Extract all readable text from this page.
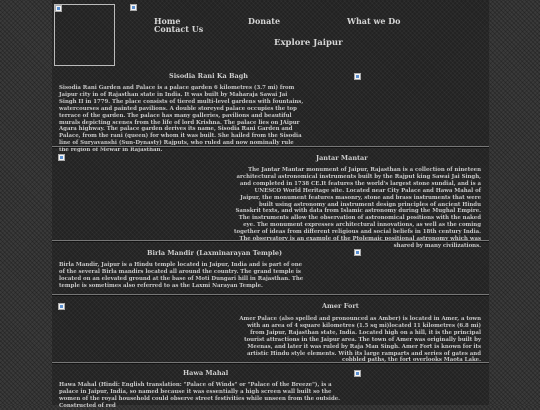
Home	Donate	What we Do
Contact Us
Explore Jaipur
Sisodia Rani Ka Bagh

Sisodia Rani Garden and Palace is a palace garden 6 kilometres (3.7 mi) from Jaipur city in of Rajasthan state in India. It was built by Maharaja Sawai Jai Singh II in 1779. The place consists of tiered multi-level gardens with fountains, watercourses and painted pavilions. A double storeyed palace occupies the top terrace of the garden. The palace has many galleries, pavilions and beautiful murals depicting scenes from the life of lord Krishna. The palace lies on JAipur Agara highway. The palace garden derives its name, Sisodia Rani Garden and Palace, from the rani (queen) for whom it was built. She hailed from the Sisodia line of Suryavanshi (Sun-Dynasty) Rajputs, who ruled and now nominally rule the region of Mewar in Rajasthan.

Jantar Mantar

The Jantar Mantar monument of Jaipur, Rajasthan is a collection of nineteen architectural astronomical instruments built by the Rajput king Sawai Jai Singh, and completed in 1738 CE.It features the world's largest stone sundial, and is a UNESCO World Heritage site. Located near City Palace and Hawa Mahal of Jaipur, the monument features masonry, stone and brass instruments that were built using astronomy and instrument design principles of ancient Hindu Sanskrit texts, and with data from Islamic astronomy during the Mughal Empire. The instruments allow the observation of astronomical positions with the naked eye. The monument expresses architectural innovations, as well as the coming together of ideas from different religious and social beliefs in 18th century India. The observatory is an example of the Ptolemaic positional astronomy which was shared by many civilizations.

Birla Mandir (Laxminarayan Temple)

Birla Mandir, Jaipur is a Hindu temple located in Jaipur, India and is part of one of the several Birla mandirs located all around the country. The grand temple is located on an elevated ground at the base of Moti Dungari hill in Rajasthan. The temple is sometimes also referred to as the Laxmi Narayan Temple.

Amer Fort

Amer Palace (also spelled and pronounced as Amber) is located in Amer, a town with an area of 4 square kilometres (1.5 sq mi)located 11 kilometres (6.8 mi) from Jaipur, Rajasthan state, India. Located high on a hill, it is the principal tourist attractions in the Jaipur area. The town of Amer was originally built by Meenas, and later it was ruled by Raja Man Singh. Amer Fort is known for its artistic Hindu style elements. With its large ramparts and series of gates and cobbled paths, the fort overlooks Maota Lake.

Hawa Mahal

Hawa Mahal (Hindi: English translation: "Palace of Winds" or "Palace of the Breeze"), is a palace in Jaipur, India, so named because it was essentially a high screen wall built so the women of the royal household could observe street festivities while unseen from the outside. Constructed of red
